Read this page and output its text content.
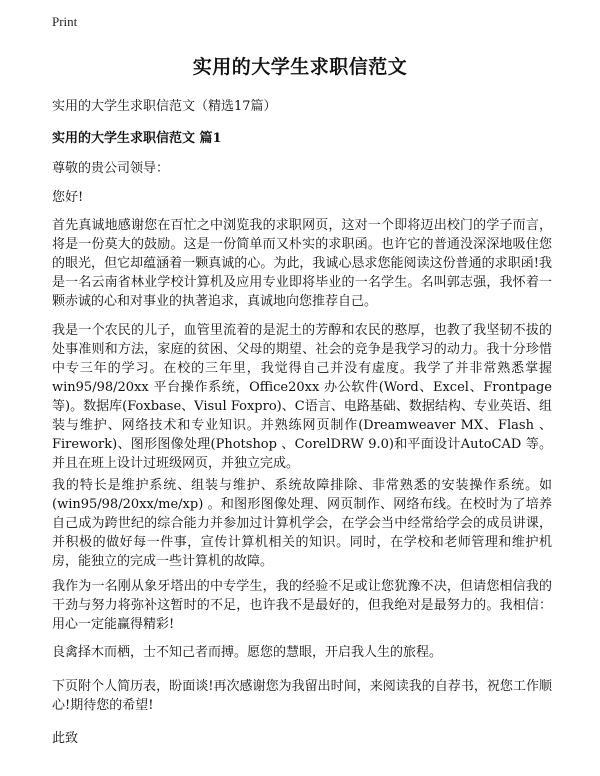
Print
实用的大学生求职信范文
实用的大学生求职信范文（精选17篇）
实用的大学生求职信范文 篇1
尊敬的贵公司领导：
您好!
首先真诚地感谢您在百忙之中浏览我的求职网页，这对一个即将迈出校门的学子而言，将是一份莫大的鼓励。这是一份简单而又朴实的求职函。也许它的普通没深深地吸住您的眼光，但它却蕴涵着一颗真诚的心。为此，我诚心恳求您能阅读这份普通的求职函!我是一名云南省林业学校计算机及应用专业即将毕业的一名学生。名叫郭志强，我怀着一颗赤诚的心和对事业的执著追求，真诚地向您推荐自己。
我是一个农民的儿子，血管里流着的是泥土的芳醇和农民的憨厚，也教了我坚韧不拔的处事准则和方法，家庭的贫困、父母的期望、社会的竞争是我学习的动力。我十分珍惜中专三年的学习。在校的三年里，我觉得自己并没有虚度。我学了并非常熟悉掌握win95/98/20xx 平台操作系统，Office20xx 办公软件(Word、Excel、Frontpage等)。数据库(Foxbase、Visul Foxpro)、C语言、电路基础、数据结构、专业英语、组装与维护、网络技术和专业知识。并熟练网页制作(Dreamweaver MX、Flash 、Firework)、图形图像处理(Photshop 、CorelDRW 9.0)和平面设计AutoCAD 等。并且在班上设计过班级网页，并独立完成。
我的特长是维护系统、组装与维护、系统故障排除、非常熟悉的安装操作系统。如(win95/98/20xx/me/xp) 。和图形图像处理、网页制作、网络布线。在校时为了培养自己成为跨世纪的综合能力并参加过计算机学会，在学会当中经常给学会的成员讲课，并积极的做好每一件事，宣传计算机相关的知识。同时，在学校和老师管理和维护机房，能独立的完成一些计算机的故障。
我作为一名刚从象牙塔出的中专学生，我的经验不足或让您犹豫不决，但请您相信我的干劲与努力将弥补这暂时的不足，也许我不是最好的，但我绝对是最努力的。我相信：用心一定能赢得精彩!
良禽择木而栖，士不知己者而搏。愿您的慧眼，开启我人生的旅程。
下页附个人简历表，盼面谈!再次感谢您为我留出时间，来阅读我的自荐书，祝您工作顺心!期待您的希望!
此致
